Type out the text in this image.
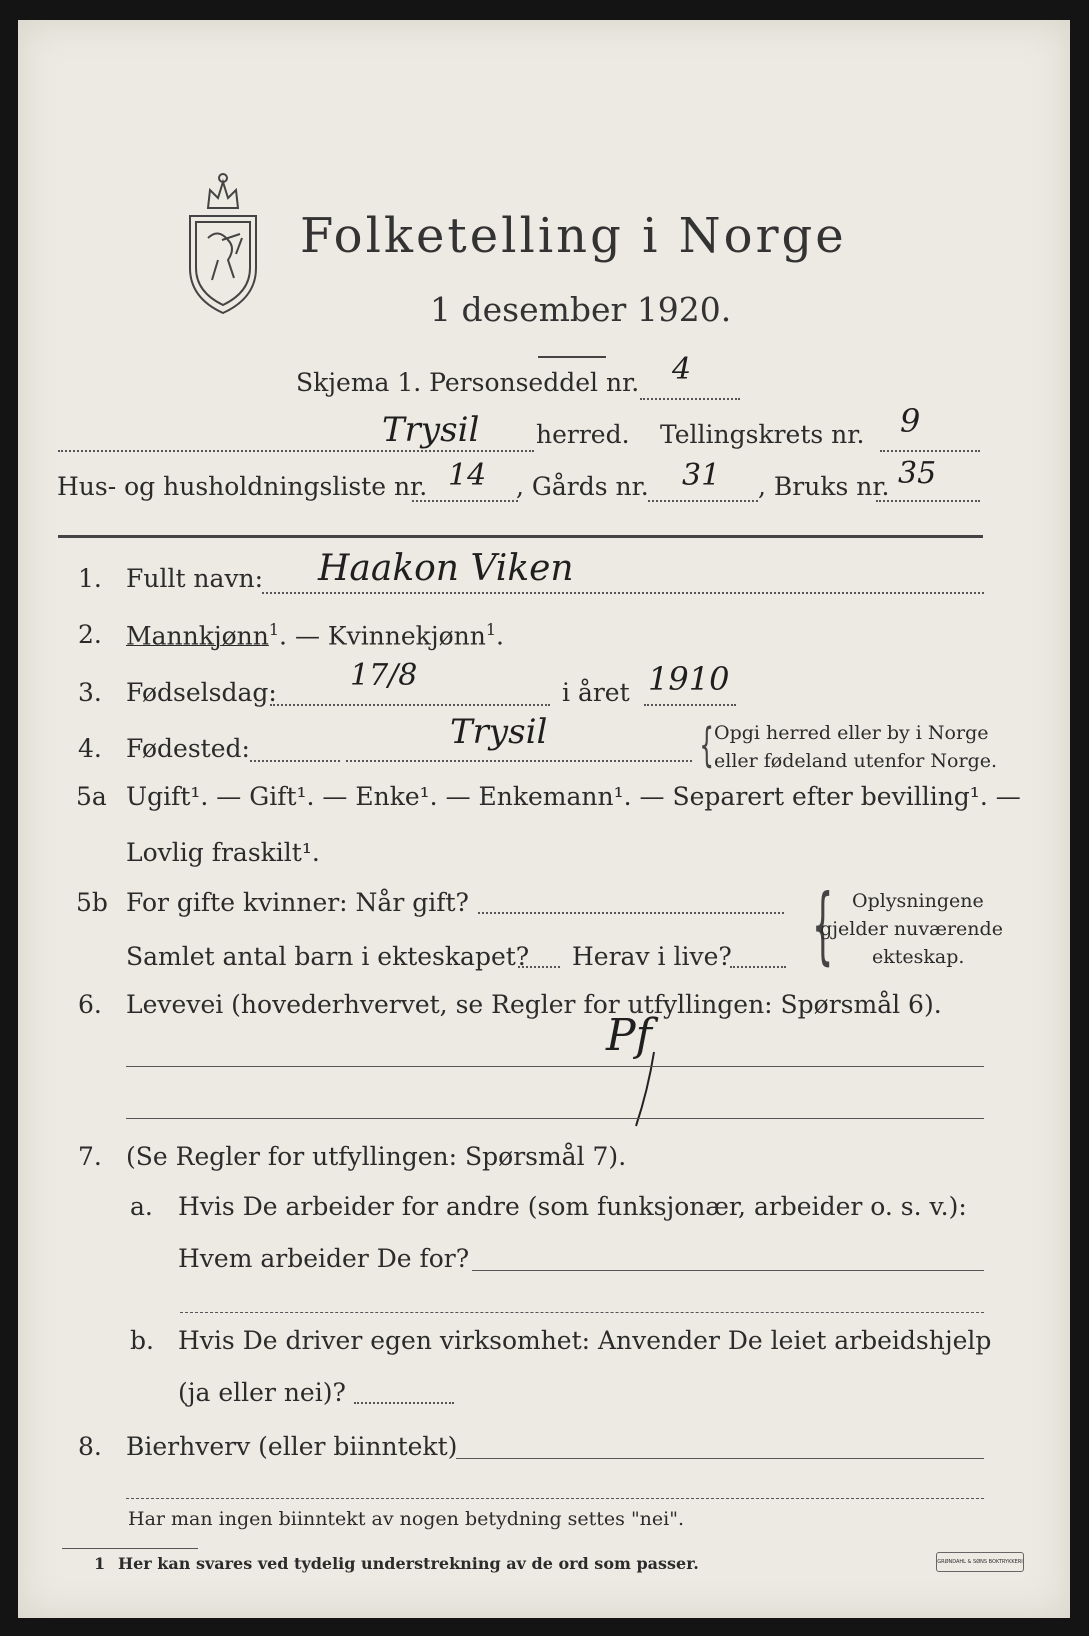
Folketelling i Norge
1 desember 1920.
Skjema 1. Personseddel nr. 4
Trysil herred. Tellingskrets nr. 9
Hus- og husholdningsliste nr. 14 , Gårds nr. 31 , Bruks nr. 35
1. Fullt navn: Haakon Viken
2. Mannkjønn$^1$. — Kvinnekjønn$^1$.
3. Fødselsdag: 17/8	i året 1910
4. Fødested:	Trysil	{ Opgi herred eller by i Norge
eller fødeland utenfor Norge.
5a Ugift¹. — Gift¹. — Enke¹. — Enkemann¹. — Separert efter bevilling¹. —
Lovlig fraskilt¹.
5b For gifte kvinner: Når gift?
Samlet antal barn i ekteskapet? Herav i live? { Oplysningene
gjelder nuværende
ekteskap.
6. Levevei (hovederhvervet, se Regler for utfyllingen: Spørsmål 6).
Pf
7. (Se Regler for utfyllingen: Spørsmål 7).
a. Hvis De arbeider for andre (som funksjonær, arbeider o. s. v.):
Hvem arbeider De for?
b. Hvis De driver egen virksomhet: Anvender De leiet arbeidshjelp
(ja eller nei)?
8. Bierhverv (eller biinntekt)
Har man ingen biinntekt av nogen betydning settes "nei".
1 Her kan svares ved tydelig understrekning av de ord som passer.	GRØNDAHL & SØNS BOKTRYKKERI
